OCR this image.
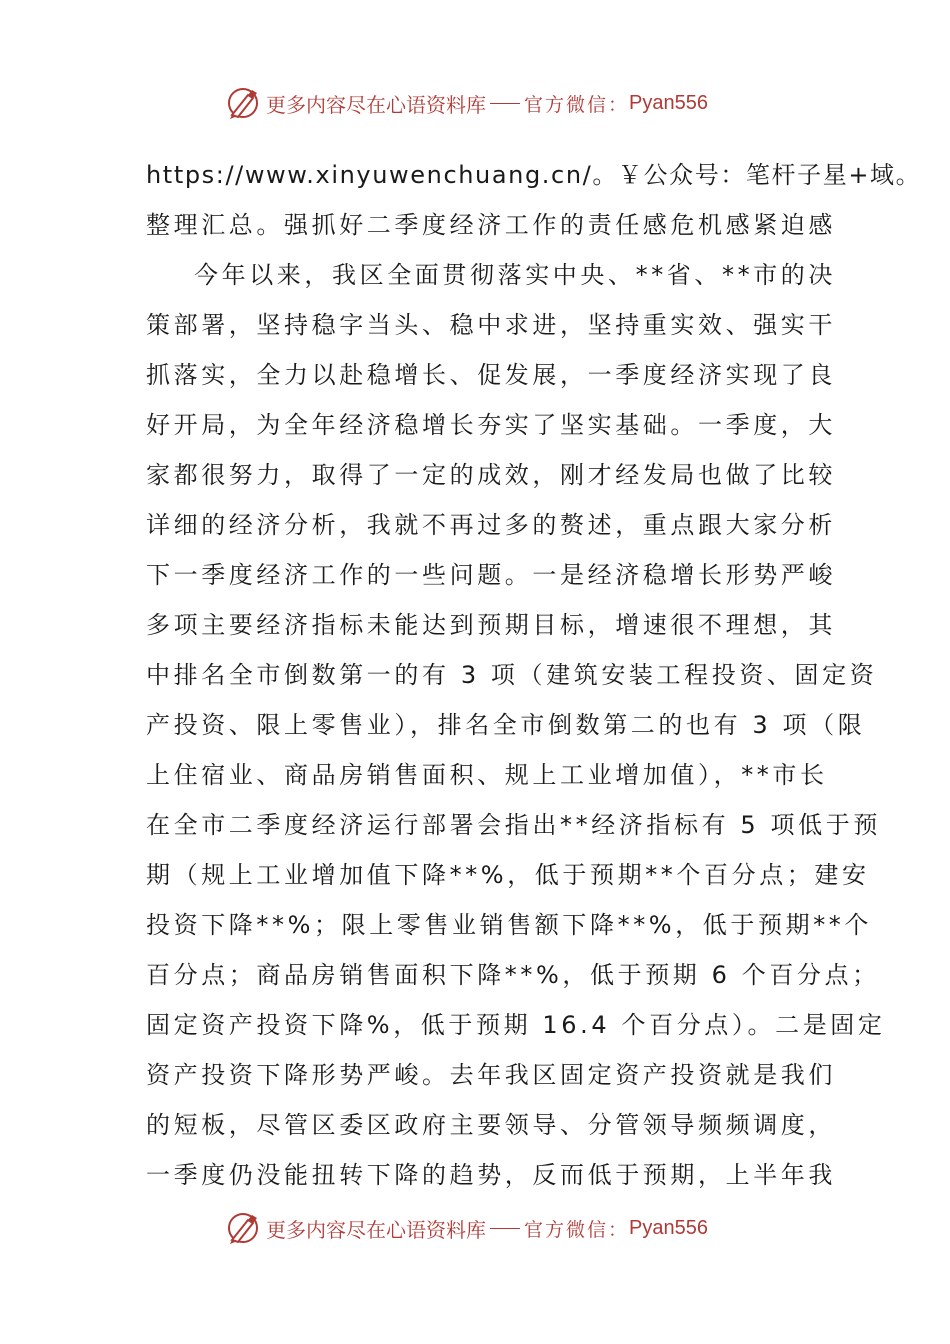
更多内容尽在心语资料库 官方微信： Pyan556
https://www.xinyuwenchuang.cn/。￥公众号：笔杆子星+域。
整理汇总。强抓好二季度经济工作的责任感危机感紧迫感
今年以来，我区全面贯彻落实中央、**省、**市的决
策部署，坚持稳字当头、稳中求进，坚持重实效、强实干
抓落实，全力以赴稳增长、促发展，一季度经济实现了良
好开局，为全年经济稳增长夯实了坚实基础。一季度，大
家都很努力，取得了一定的成效，刚才经发局也做了比较
详细的经济分析，我就不再过多的赘述，重点跟大家分析
下一季度经济工作的一些问题。一是经济稳增长形势严峻
多项主要经济指标未能达到预期目标，增速很不理想，其
中排名全市倒数第一的有 3 项（建筑安装工程投资、固定资
产投资、限上零售业），排名全市倒数第二的也有 3 项（限
上住宿业、商品房销售面积、规上工业增加值），**市长
在全市二季度经济运行部署会指出**经济指标有 5 项低于预
期（规上工业增加值下降**%，低于预期**个百分点；建安
投资下降**%；限上零售业销售额下降**%，低于预期**个
百分点；商品房销售面积下降**%，低于预期 6 个百分点；
固定资产投资下降%，低于预期 16.4 个百分点）。二是固定
资产投资下降形势严峻。去年我区固定资产投资就是我们
的短板，尽管区委区政府主要领导、分管领导频频调度，
一季度仍没能扭转下降的趋势，反而低于预期，上半年我
更多内容尽在心语资料库 官方微信： Pyan556
